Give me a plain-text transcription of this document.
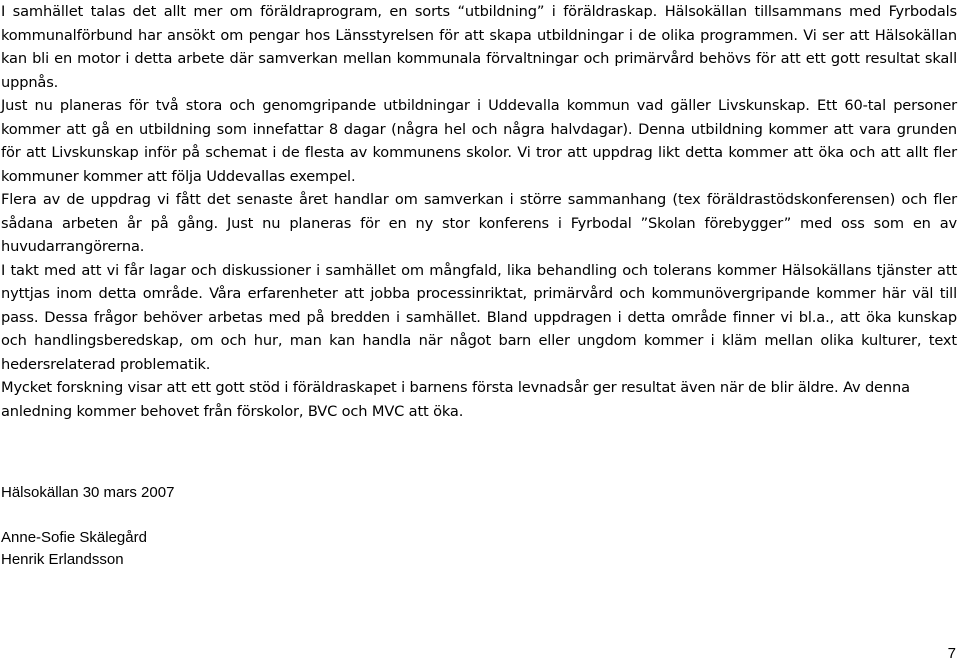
I samhället talas det allt mer om föräldraprogram, en sorts “utbildning” i föräldraskap. Hälsokällan tillsammans med Fyrbodals kommunalförbund har ansökt om pengar hos Länsstyrelsen för att skapa utbildningar i de olika programmen. Vi ser att Hälsokällan kan bli en motor i detta arbete där samverkan mellan kommunala förvaltningar och primärvård behövs för att ett gott resultat skall uppnås.

Just nu planeras för två stora och genomgripande utbildningar i Uddevalla kommun vad gäller Livskunskap. Ett 60-tal personer kommer att gå en utbildning som innefattar 8 dagar (några hel och några halvdagar). Denna utbildning kommer att vara grunden för att Livskunskap inför på schemat i de flesta av kommunens skolor. Vi tror att uppdrag likt detta kommer att öka och att allt fler kommuner kommer att följa Uddevallas exempel.

Flera av de uppdrag vi fått det senaste året handlar om samverkan i större sammanhang (tex föräldrastödskonferensen) och fler sådana arbeten år på gång. Just nu planeras för en ny stor konferens i Fyrbodal ”Skolan förebygger” med oss som en av huvudarrangörerna.

I takt med att vi får lagar och diskussioner i samhället om mångfald, lika behandling och tolerans kommer Hälsokällans tjänster att nyttjas inom detta område. Våra erfarenheter att jobba processinriktat, primärvård och kommunövergripande kommer här väl till pass. Dessa frågor behöver arbetas med på bredden i samhället. Bland uppdragen i detta område finner vi bl.a., att öka kunskap och handlingsberedskap, om och hur, man kan handla när något barn eller ungdom kommer i kläm mellan olika kulturer, text hedersrelaterad problematik.

Mycket forskning visar att ett gott stöd i föräldraskapet i barnens första levnadsår ger resultat även när de blir äldre. Av denna anledning kommer behovet från förskolor, BVC och MVC att öka.

Hälsokällan 30 mars 2007
Anne-Sofie Skälegård
Henrik Erlandsson
7
